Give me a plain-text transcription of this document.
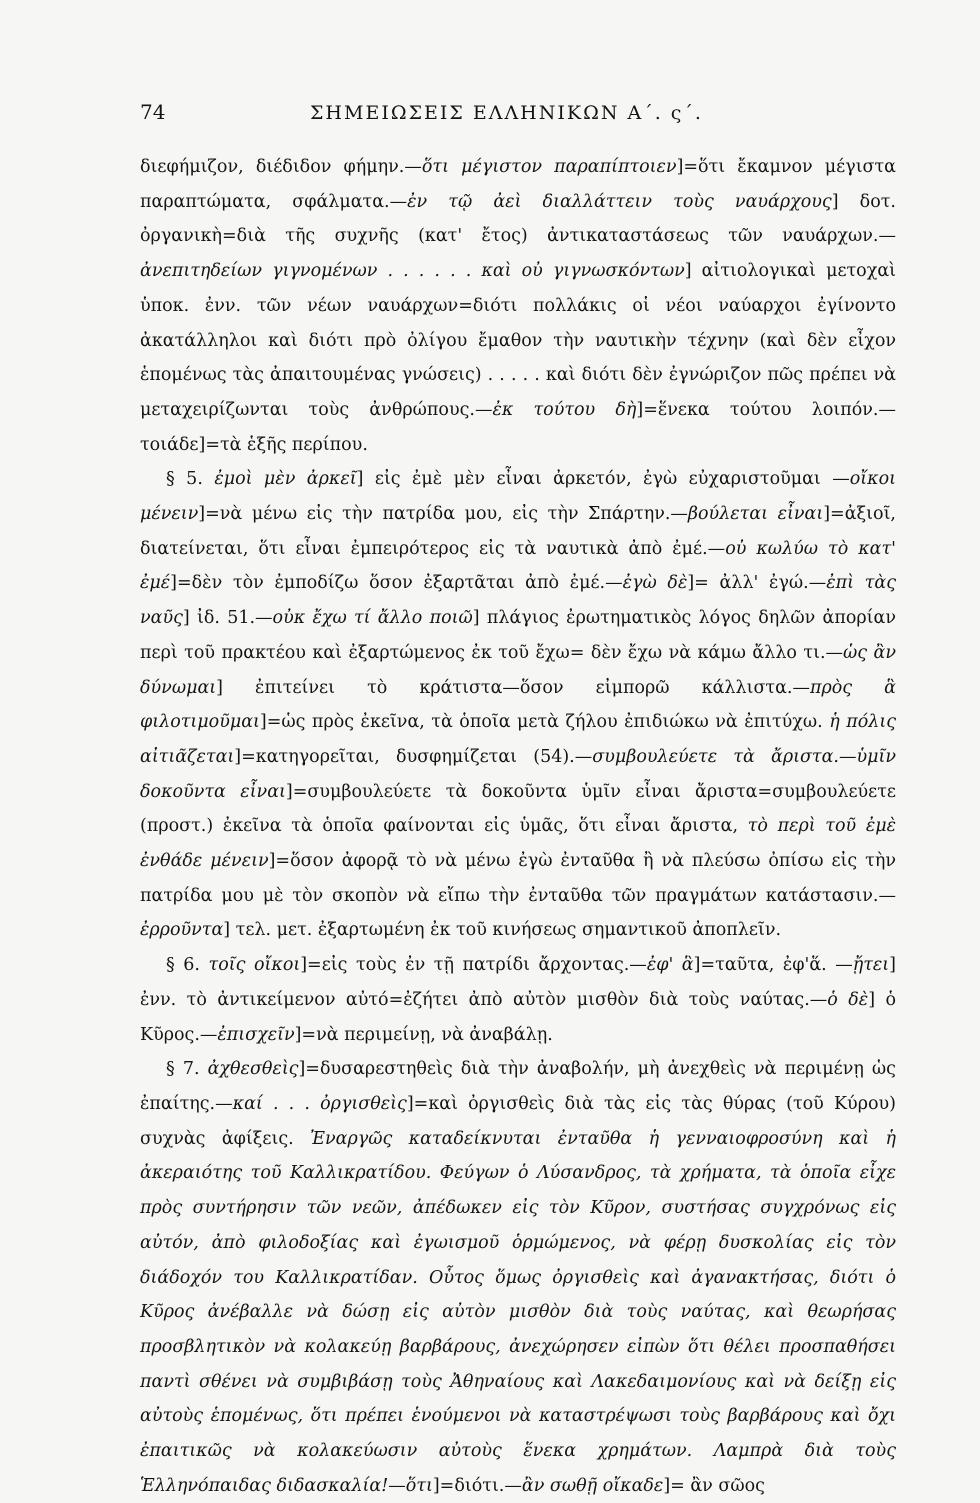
74	ΣΗΜΕΙΩΣΕΙΣ ΕΛΛΗΝΙΚΩΝ Α΄. ς΄.

διεφήμιζον, διέδιδον φήμην.—ὅτι μέγιστον παραπίπτοιεν]=ὅτι ἔκαμνον μέγιστα παραπτώματα, σφάλματα.—ἐν τῷ ἀεὶ διαλλάττειν τοὺς ναυάρχους] δοτ. ὀργανικὴ=διὰ τῆς συχνῆς (κατ' ἔτος) ἀντικαταστάσεως τῶν ναυάρχων.—ἀνεπιτηδείων γιγνομένων . . . . . . καὶ οὐ γιγνωσκόντων] αἰτιολογικαὶ μετοχαὶ ὑποκ. ἐνν. τῶν νέων ναυάρχων=διότι πολλάκις οἱ νέοι ναύαρχοι ἐγίνοντο ἀκατάλληλοι καὶ διότι πρὸ ὀλίγου ἔμαθον τὴν ναυτικὴν τέχνην (καὶ δὲν εἶχον ἑπομένως τὰς ἀπαιτουμένας γνώσεις) . . . . . καὶ διότι δὲν ἐγνώριζον πῶς πρέπει νὰ μεταχειρίζωνται τοὺς ἀνθρώπους.—ἐκ τούτου δὴ]=ἕνεκα τούτου λοιπόν.—τοιάδε]=τὰ ἑξῆς περίπου.

§ 5. ἐμοὶ μὲν ἀρκεῖ] εἰς ἐμὲ μὲν εἶναι ἀρκετόν, ἐγὼ εὐχαριστοῦμαι —οἴκοι μένειν]=νὰ μένω εἰς τὴν πατρίδα μου, εἰς τὴν Σπάρτην.—βούλεται εἶναι]=ἀξιοῖ, διατείνεται, ὅτι εἶναι ἐμπειρότερος εἰς τὰ ναυτικὰ ἀπὸ ἐμέ.—οὐ κωλύω τὸ κατ' ἐμέ]=δὲν τὸν ἐμποδίζω ὅσον ἐξαρτᾶται ἀπὸ ἐμέ.—ἐγὼ δὲ]= ἀλλ' ἐγώ.—ἐπὶ τὰς ναῦς] ἰδ. 51.—οὐκ ἔχω τί ἄλλο ποιῶ] πλάγιος ἐρωτηματικὸς λόγος δηλῶν ἀπορίαν περὶ τοῦ πρακτέου καὶ ἐξαρτώμενος ἐκ τοῦ ἔχω= δὲν ἔχω νὰ κάμω ἄλλο τι.—ὡς ἂν δύνωμαι] ἐπιτείνει τὸ κράτιστα—ὅσον εἰμπορῶ κάλλιστα.—πρὸς ἃ φιλοτιμοῦμαι]=ὡς πρὸς ἐκεῖνα, τὰ ὁποῖα μετὰ ζήλου ἐπιδιώκω νὰ ἐπιτύχω. ἡ πόλις αἰτιᾶζεται]=κατηγορεῖται, δυσφημίζεται (54).—συμβουλεύετε τὰ ἄριστα.—ὑμῖν δοκοῦντα εἶναι]=συμβουλεύετε τὰ δοκοῦντα ὑμῖν εἶναι ἄριστα=συμβουλεύετε (προστ.) ἐκεῖνα τὰ ὁποῖα φαίνονται εἰς ὑμᾶς, ὅτι εἶναι ἄριστα, τὸ περὶ τοῦ ἐμὲ ἐνθάδε μένειν]=ὅσον ἀφορᾷ τὸ νὰ μένω ἐγὼ ἐνταῦθα ἢ νὰ πλεύσω ὀπίσω εἰς τὴν πατρίδα μου μὲ τὸν σκοπὸν νὰ εἴπω τὴν ἐνταῦθα τῶν πραγμάτων κατάστασιν.—ἐρροῦντα] τελ. μετ. ἐξαρτωμένη ἐκ τοῦ κινήσεως σημαντικοῦ ἀποπλεῖν.

§ 6. τοῖς οἴκοι]=εἰς τοὺς ἐν τῇ πατρίδι ἄρχοντας.—ἐφ' ἃ]=ταῦτα, ἐφ'ἅ. —ᾔτει] ἐνν. τὸ ἀντικείμενον αὐτό=ἐζήτει ἀπὸ αὐτὸν μισθὸν διὰ τοὺς ναύτας.—ὁ δὲ] ὁ Κῦρος.—ἐπισχεῖν]=νὰ περιμείνῃ, νὰ ἀναβάλῃ.

§ 7. ἀχθεσθεὶς]=δυσαρεστηθεὶς διὰ τὴν ἀναβολήν, μὴ ἀνεχθεὶς νὰ περιμένῃ ὡς ἐπαίτης.—καί . . . ὀργισθεὶς]=καὶ ὀργισθεὶς διὰ τὰς εἰς τὰς θύρας (τοῦ Κύρου) συχνὰς ἀφίξεις. Ἐναργῶς καταδείκνυται ἐνταῦθα ἡ γενναιοφροσύνη καὶ ἡ ἀκεραιότης τοῦ Καλλικρατίδου. Φεύγων ὁ Λύσανδρος, τὰ χρήματα, τὰ ὁποῖα εἶχε πρὸς συντήρησιν τῶν νεῶν, ἀπέδωκεν εἰς τὸν Κῦρον, συστήσας συγχρόνως εἰς αὐτόν, ἀπὸ φιλοδοξίας καὶ ἐγωισμοῦ ὁρμώμενος, νὰ φέρῃ δυσκολίας εἰς τὸν διάδοχόν του Καλλικρατίδαν. Οὗτος ὅμως ὀργισθεὶς καὶ ἀγανακτήσας, διότι ὁ Κῦρος ἀνέβαλλε νὰ δώσῃ εἰς αὐτὸν μισθὸν διὰ τοὺς ναύτας, καὶ θεωρήσας προσβλητικὸν νὰ κολακεύῃ βαρβάρους, ἀνεχώρησεν εἰπὼν ὅτι θέλει προσπαθήσει παντὶ σθένει νὰ συμβιβάσῃ τοὺς Ἀθηναίους καὶ Λακεδαιμονίους καὶ νὰ δείξῃ εἰς αὐτοὺς ἑπομένως, ὅτι πρέπει ἑνούμενοι νὰ καταστρέψωσι τοὺς βαρβάρους καὶ ὄχι ἐπαιτικῶς νὰ κολακεύωσιν αὐτοὺς ἕνεκα χρημάτων. Λαμπρὰ διὰ τοὺς Ἑλληνόπαιδας διδασκαλία!—ὅτι]=διότι.—ἂν σωθῇ οἴκαδε]= ἂν σῶος
